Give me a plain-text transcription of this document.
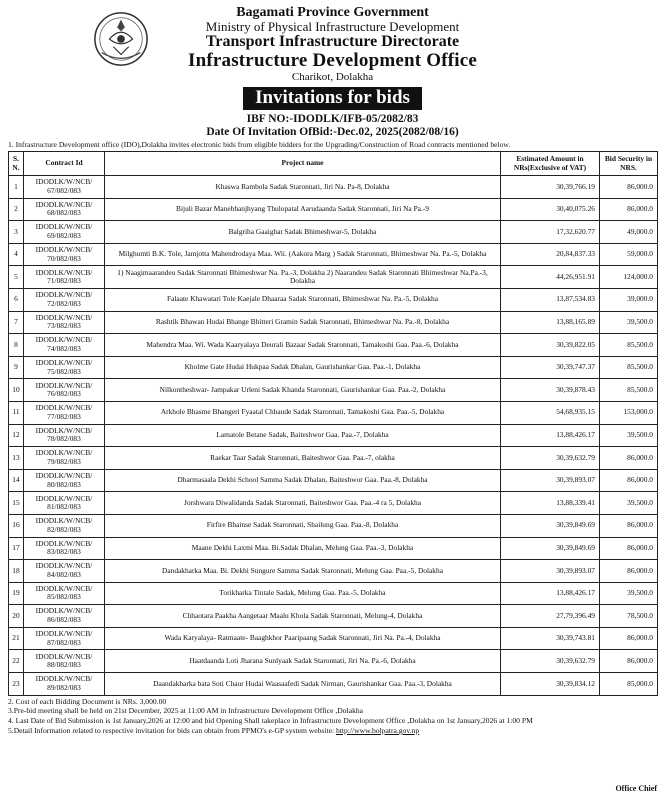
Bagamati Province Government
Ministry of Physical Infrastructure Development
Transport Infrastructure Directorate
Infrastructure Development Office
Charikot, Dolakha
Invitations for bids
IBF NO:-IDODLK/IFB-05/2082/83
Date Of Invitation OfBid:-Dec.02, 2025(2082/08/16)
1. Infrastructure Development office (IDO),Dolakha invites electronic bids from eligible bidders for the Upgrading/Construction of Road contracts mentioned below.
S. N.	Contract Id	Project name	Estimated Amount in NRs(Exclusive of VAT)	Bid Security in NRS.
1	IDODLK/W/NCB/ 67/082/083	Khaswa Rambola Sadak Staronnati, Jiri Na. Pa-8, Dolakha	30,39,766.19	86,000.0
2	IDODLK/W/NCB/ 68/082/083	Bijuli Bazar Manebhanjhyang Thulopatal Aarudaanda Sadak Staronnati, Jiri Na Pa.-9	30,40,075.26	86,000.0
3	IDODLK/W/NCB/ 69/082/083	Balgriha Gaaighat Sadak Bhimeshwar-5, Dolakha	17,32,620.77	49,000.0
4	IDODLK/W/NCB/ 70/082/083	Milghumti B.K. Tole, Jamjotta Mahendrodaya Maa. Wii. (Aakora Marg ) Sadak Staronnati, Bhimeshwar Na. Pa.-5, Dolakha	20,84,837.33	59,000.0
5	IDODLK/W/NCB/ 71/082/083	1) Naagimaarandeu Sadak Staronnati Bhimeshwar Na. Pa.-3, Dolakha 2) Naarandeu Sadak Staronnati Bhimeshwar Na.Pa.-3, Dolakha	44,26,951.91	124,000.0
6	IDODLK/W/NCB/ 72/082/083	Falaate Khawatari Tole Kaejale Dhaaraa Sadak Staronnati, Bhimeshwar Na. Pa.-5, Dolakha	13,87,534.83	39,000.0
7	IDODLK/W/NCB/ 73/082/083	Rashtik Bhawan Hudai Bhange Bhitteri Gramin Sadak Staronnati, Bhimeshwar Na. Pa.-8, Dolakha	13,88,165.89	39,500.0
8	IDODLK/W/NCB/ 74/082/083	Mahendra Maa. Wi. Wada Kaaryalaya Deurali Bazaar Sadak Staronnati, Tamakoshi Gaa. Paa.-6, Dolakha	30,39,822.05	85,500.0
9	IDODLK/W/NCB/ 75/082/083	Kholme Gate Hudai Hukpaa Sadak Dhalan, Gaurishankar Gaa. Paa.-1, Dolakha	30,39,747.37	85,500.0
10	IDODLK/W/NCB/ 76/082/083	Nilkontheshwar- Jampakar Urleni Sadak Khanda Staronnati, Gaurishankar Gaa. Paa.-2, Dolakha	30,39,878.43	85,500.0
11	IDODLK/W/NCB/ 77/082/083	Arkhole Bhasme Bhangeri Fyaatal Chhaude Sadak Staronnati, Tamakoshi Gaa. Paa.-5, Dolakha	54,68,935.15	153,000.0
12	IDODLK/W/NCB/ 78/082/083	Lamatole Betane Sadak, Baiteshwor Gaa. Paa.-7, Dolakha	13,88,426.17	39,500.0
13	IDODLK/W/NCB/ 79/082/083	Raekar Taar Sadak Staronnati, Baiteshwor Gaa. Paa.-7, olakha	30,39,632.79	86,000.0
14	IDODLK/W/NCB/ 80/082/083	Dharmasaala Dekhi School Samma Sadak Dhalan, Baiteshwor Gaa. Paa.-8, Dolakha	30,39,893.07	86,000.0
15	IDODLK/W/NCB/ 81/082/083	Jorshwara Diwalidanda Sadak Staronnati, Baiteshwor Gaa. Paa.-4 ra 5, Dolakha	13,88,339.41	39,500.0
16	IDODLK/W/NCB/ 82/082/083	Firfire Bhainse Sadak Staronnati, Shailung Gaa. Paa.-8, Dolakha	30,39,849.69	86,000.0
17	IDODLK/W/NCB/ 83/082/083	Maane Dekhi Laxmi Maa. Bi.Sadak Dhalan, Melung Gaa. Paa.-3, Dolakha	30,39,849.69	86,000.0
18	IDODLK/W/NCB/ 84/082/083	Dandakharka Maa. Bi. Dekhi Sungure Samma Sadak Staronnati, Melung Gaa. Paa.-5, Dolakha	30,39,893.07	86,000.0
19	IDODLK/W/NCB/ 85/082/083	Torikharka Tintale Sadak, Melung Gaa. Paa.-5, Dolakha	13,88,426.17	39,500.0
20	IDODLK/W/NCB/ 86/082/083	Chhaotara Paakha Aangetaar Maalu Khola Sadak Staronnati, Melung-4, Dolakha	27,79,396.49	78,500.0
21	IDODLK/W/NCB/ 87/082/083	Wada Karyalaya- Ratmaate- Baaghkhor Paaripaang Sadak Staronnati, Jiri Na. Pa.-4, Dolakha	30,39,743.81	86,000.0
22	IDODLK/W/NCB/ 88/082/083	Haatdaanda Loti Jharana Sunlyaak Sadak Staronnati, Jiri Na. Pa.-6, Dolakha	30,39,632.79	86,000.0
23	IDODLK/W/NCB/ 89/082/083	Daandakharka bata Soti Chaur Hudai Waasaafedi Sadak Nirman, Gaurishankar Gaa. Paa.-3, Dolakha	30,39,834.12	85,000.0
2. Cost of each Bidding Document is NRs. 3,000.00
3.Pre-bid meeting shall be held on 21st December, 2025 at 11:00 AM in Infrastructure Development Office ,Dolakha
4. Last Date of Bid Submission is 1st January,2026 at 12:00 and bid Opening Shall takeplace in Infrastructure Development Office ,Dolakha on 1st January,2026 at 1:00 PM
5.Detail Information related to respective invitation for bids can obtain from PPMO's e-GP system website: http://www.bolpatra.gov.np
Office Chief
